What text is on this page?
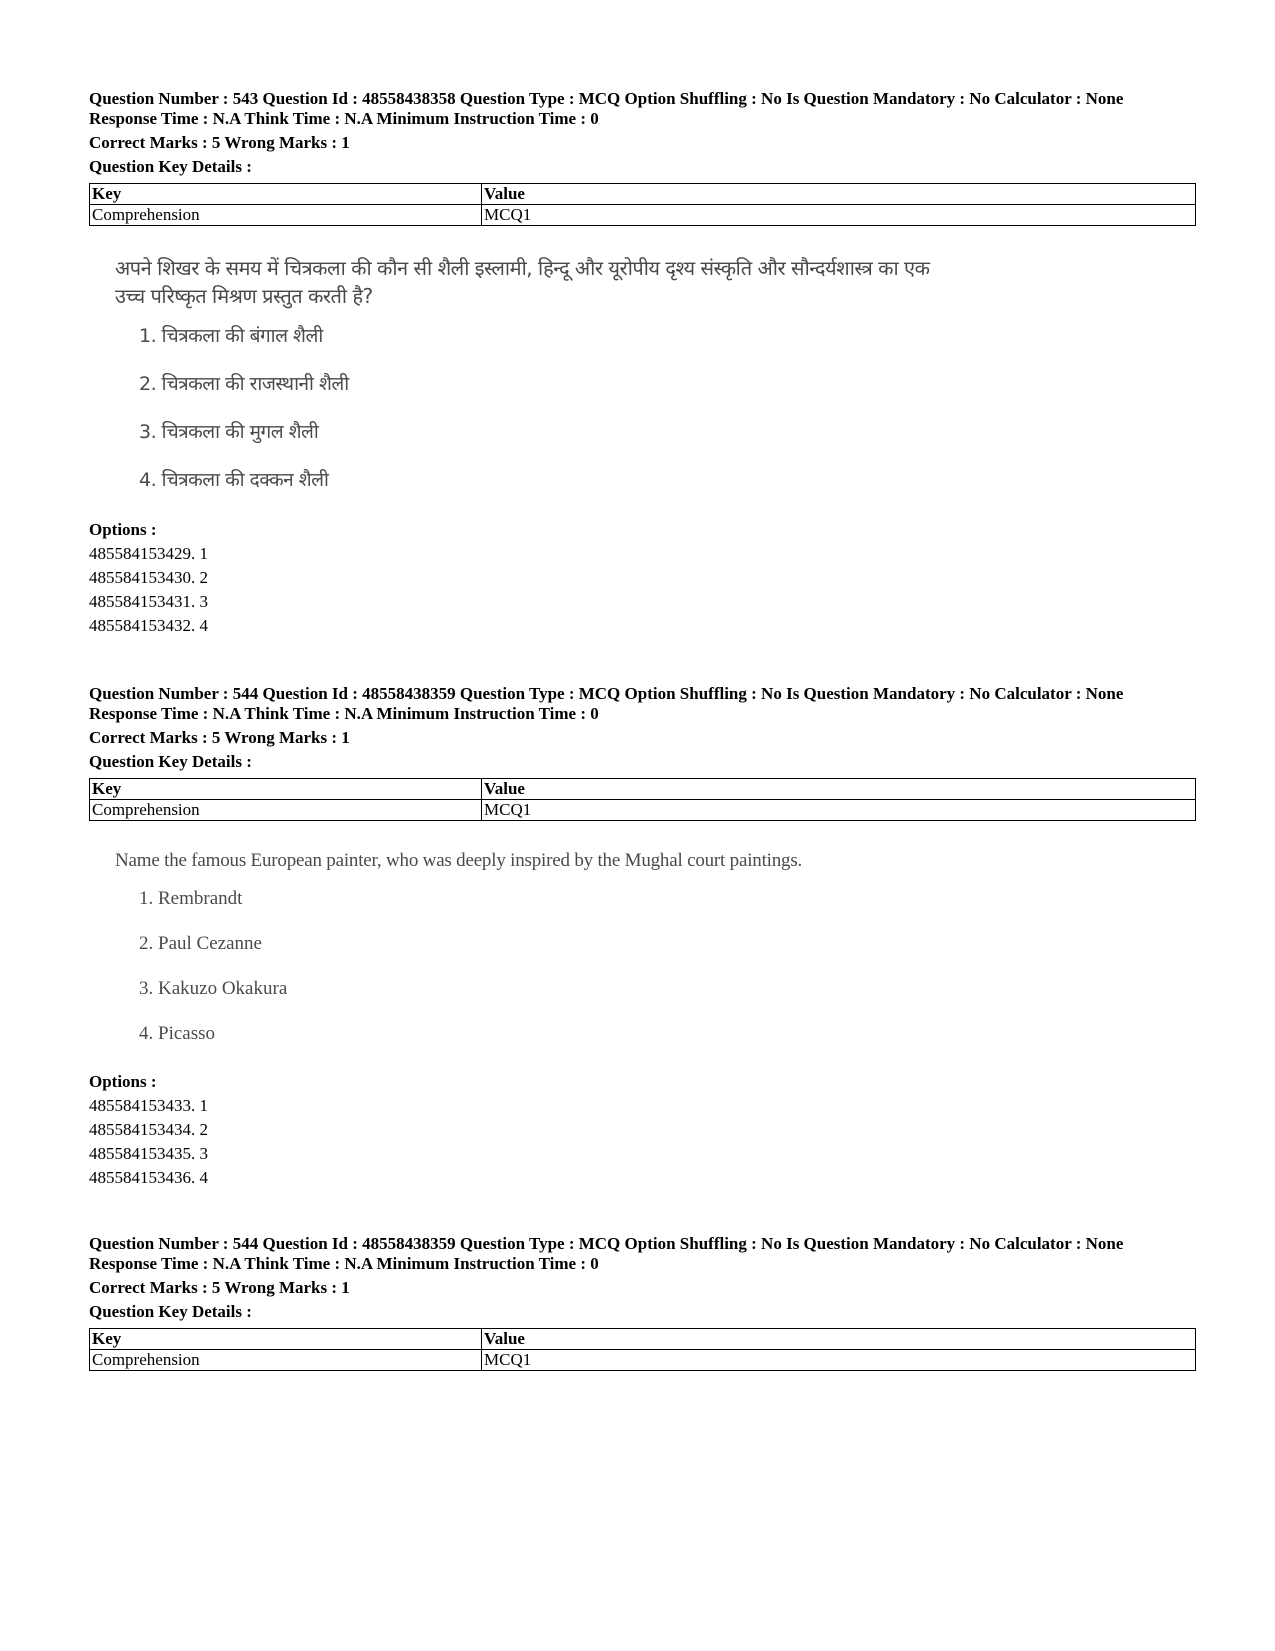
Question Number : 543 Question Id : 48558438358 Question Type : MCQ Option Shuffling : No Is Question Mandatory : No Calculator : None
Response Time : N.A Think Time : N.A Minimum Instruction Time : 0
Correct Marks : 5 Wrong Marks : 1
Question Key Details :
Key	Value
Comprehension	MCQ1
अपने शिखर के समय में चित्रकला की कौन सी शैली इस्लामी, हिन्दू और यूरोपीय दृश्य संस्कृति और सौन्दर्यशास्त्र का एक
उच्च परिष्कृत मिश्रण प्रस्तुत करती है?
1. चित्रकला की बंगाल शैली
2. चित्रकला की राजस्थानी शैली
3. चित्रकला की मुगल शैली
4. चित्रकला की दक्कन शैली
Options :
485584153429. 1
485584153430. 2
485584153431. 3
485584153432. 4
Question Number : 544 Question Id : 48558438359 Question Type : MCQ Option Shuffling : No Is Question Mandatory : No Calculator : None
Response Time : N.A Think Time : N.A Minimum Instruction Time : 0
Correct Marks : 5 Wrong Marks : 1
Question Key Details :
Key	Value
Comprehension	MCQ1
Name the famous European painter, who was deeply inspired by the Mughal court paintings.
1. Rembrandt
2. Paul Cezanne
3. Kakuzo Okakura
4. Picasso
Options :
485584153433. 1
485584153434. 2
485584153435. 3
485584153436. 4
Question Number : 544 Question Id : 48558438359 Question Type : MCQ Option Shuffling : No Is Question Mandatory : No Calculator : None
Response Time : N.A Think Time : N.A Minimum Instruction Time : 0
Correct Marks : 5 Wrong Marks : 1
Question Key Details :
Key	Value
Comprehension	MCQ1
